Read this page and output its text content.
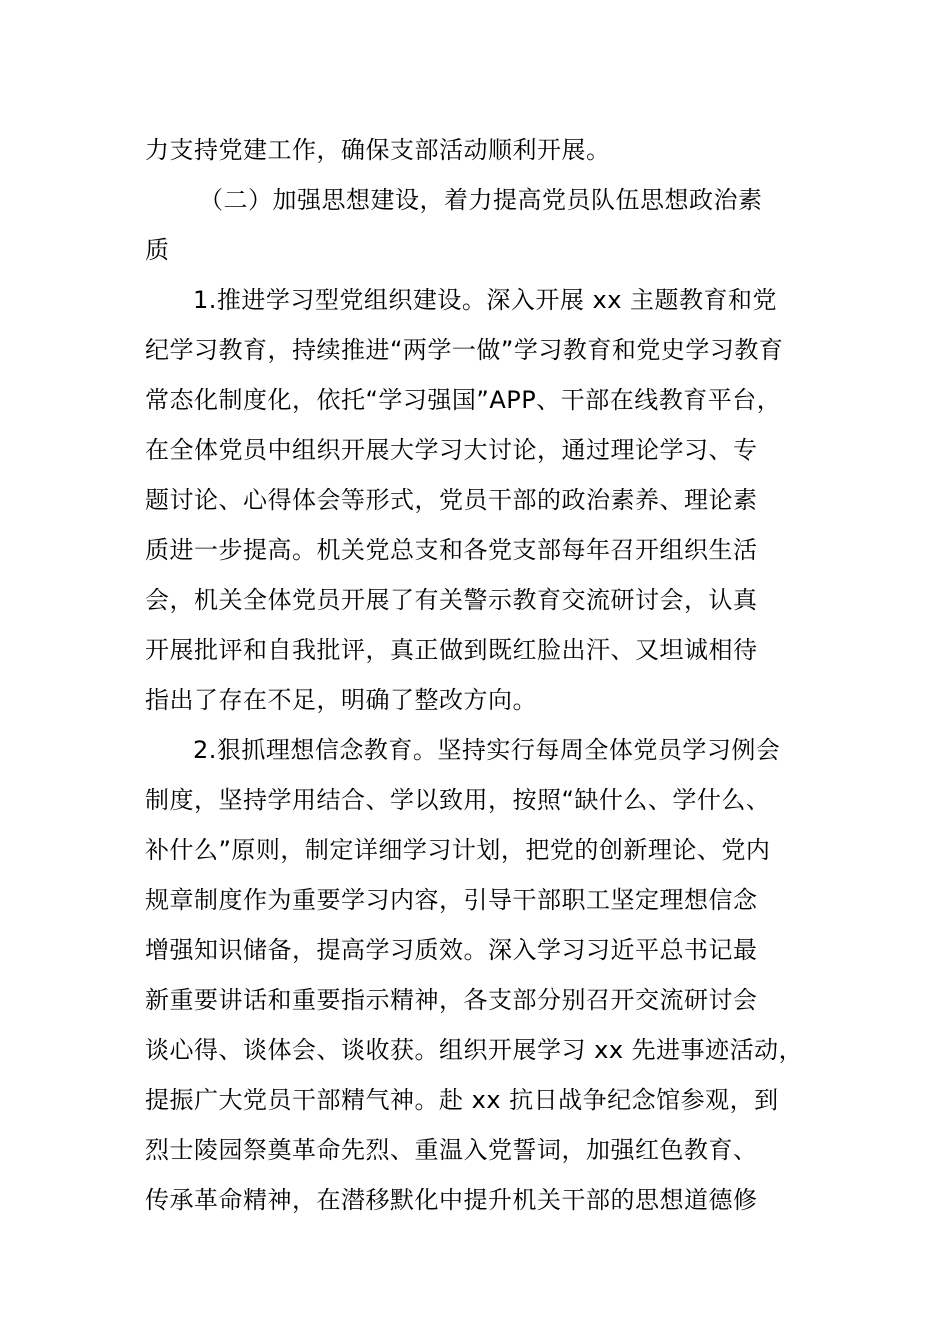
力支持党建工作，确保支部活动顺利开展。
（二）加强思想建设，着力提高党员队伍思想政治素
质
1.推进学习型党组织建设。深入开展 xx 主题教育和党
纪学习教育，持续推进“两学一做”学习教育和党史学习教育
常态化制度化，依托“学习强国”APP、干部在线教育平台，
在全体党员中组织开展大学习大讨论，通过理论学习、专
题讨论、心得体会等形式，党员干部的政治素养、理论素
质进一步提高。机关党总支和各党支部每年召开组织生活
会，机关全体党员开展了有关警示教育交流研讨会，认真
开展批评和自我批评，真正做到既红脸出汗、又坦诚相待
指出了存在不足，明确了整改方向。
2.狠抓理想信念教育。坚持实行每周全体党员学习例会
制度，坚持学用结合、学以致用，按照“缺什么、学什么、
补什么”原则，制定详细学习计划，把党的创新理论、党内
规章制度作为重要学习内容，引导干部职工坚定理想信念
增强知识储备，提高学习质效。深入学习习近平总书记最
新重要讲话和重要指示精神，各支部分别召开交流研讨会
谈心得、谈体会、谈收获。组织开展学习 xx 先进事迹活动，
提振广大党员干部精气神。赴 xx 抗日战争纪念馆参观，到
烈士陵园祭奠革命先烈、重温入党誓词，加强红色教育、
传承革命精神，在潜移默化中提升机关干部的思想道德修
